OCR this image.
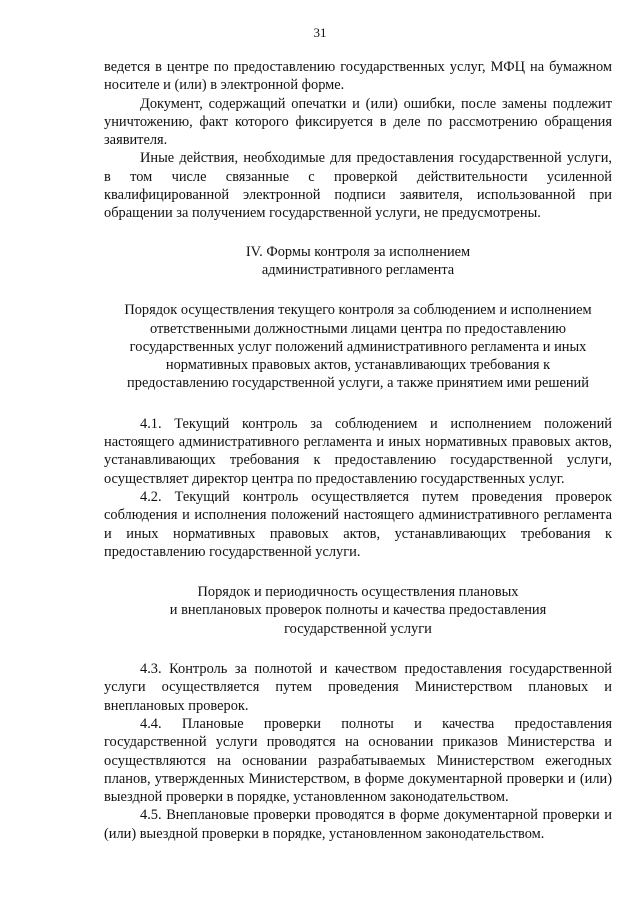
31

ведется в центре по предоставлению государственных услуг, МФЦ на бумажном носителе и (или) в электронной форме.

Документ, содержащий опечатки и (или) ошибки, после замены подлежит уничтожению, факт которого фиксируется в деле по рассмотрению обращения заявителя.

Иные действия, необходимые для предоставления государственной услуги, в том числе связанные с проверкой действительности усиленной квалифицированной электронной подписи заявителя, использованной при обращении за получением государственной услуги, не предусмотрены.

IV. Формы контроля за исполнением
административного регламента
Порядок осуществления текущего контроля за соблюдением и исполнением
ответственными должностными лицами центра по предоставлению
государственных услуг положений административного регламента и иных
нормативных правовых актов, устанавливающих требования к
предоставлению государственной услуги, а также принятием ими решений

4.1. Текущий контроль за соблюдением и исполнением положений настоящего административного регламента и иных нормативных правовых актов, устанавливающих требования к предоставлению государственной услуги, осуществляет директор центра по предоставлению государственных услуг.

4.2. Текущий контроль осуществляется путем проведения проверок соблюдения и исполнения положений настоящего административного регламента и иных нормативных правовых актов, устанавливающих требования к предоставлению государственной услуги.

Порядок и периодичность осуществления плановых
и внеплановых проверок полноты и качества предоставления
государственной услуги

4.3. Контроль за полнотой и качеством предоставления государственной услуги осуществляется путем проведения Министерством плановых и внеплановых проверок.

4.4. Плановые проверки полноты и качества предоставления государственной услуги проводятся на основании приказов Министерства и осуществляются на основании разрабатываемых Министерством ежегодных планов, утвержденных Министерством, в форме документарной проверки и (или) выездной проверки в порядке, установленном законодательством.

4.5. Внеплановые проверки проводятся в форме документарной проверки и (или) выездной проверки в порядке, установленном законодательством.
